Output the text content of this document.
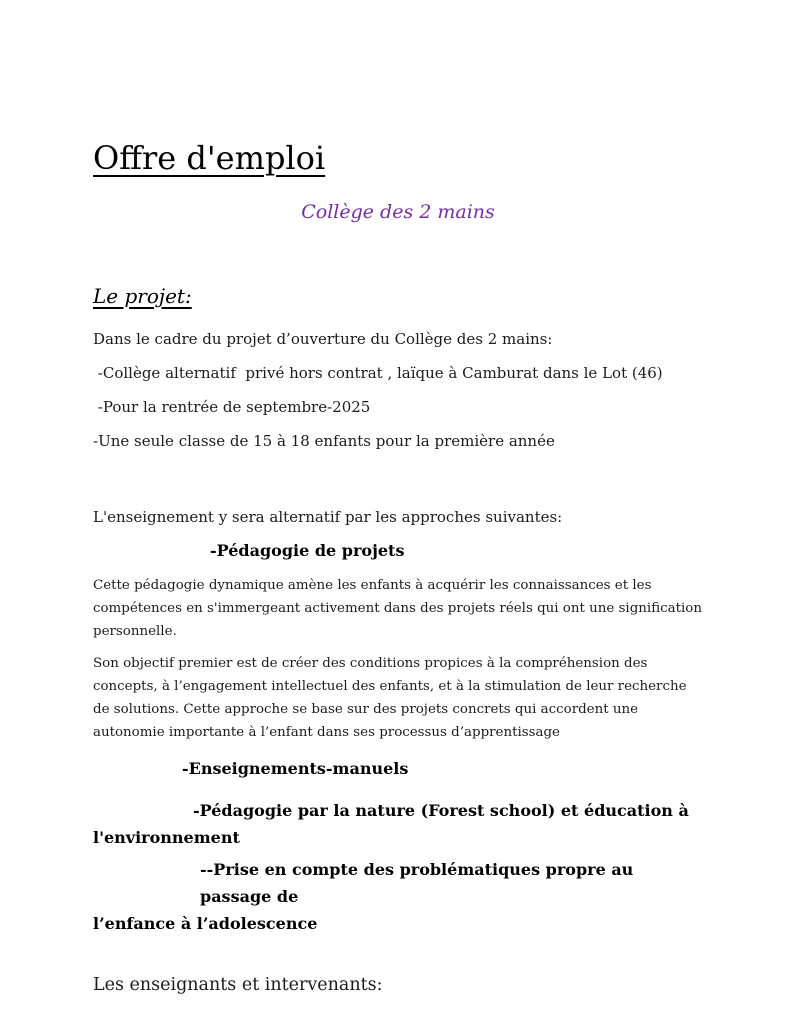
Offre d'emploi

Collège des 2 mains

Le projet:

Dans le cadre du projet d’ouverture du Collège des 2 mains:

-Collège alternatif  privé hors contrat , laïque à Camburat dans le Lot (46)

-Pour la rentrée de septembre-2025

-Une seule classe de 15 à 18 enfants pour la première année

L'enseignement y sera alternatif par les approches suivantes:

-Pédagogie de projets

Cette pédagogie dynamique amène les enfants à acquérir les connaissances et les compétences en s'immergeant activement dans des projets réels qui ont une signification personnelle.

Son objectif premier est de créer des conditions propices à la compréhension des concepts, à l’engagement intellectuel des enfants, et à la stimulation de leur recherche de solutions. Cette approche se base sur des projets concrets qui accordent une  autonomie importante à l’enfant dans ses processus d’apprentissage

-Enseignements-manuels

-Pédagogie par la nature (Forest school) et éducation à
l'environnement

--Prise en compte des problématiques propre au passage de
l’enfance à l’adolescence

Les enseignants et intervenants:
